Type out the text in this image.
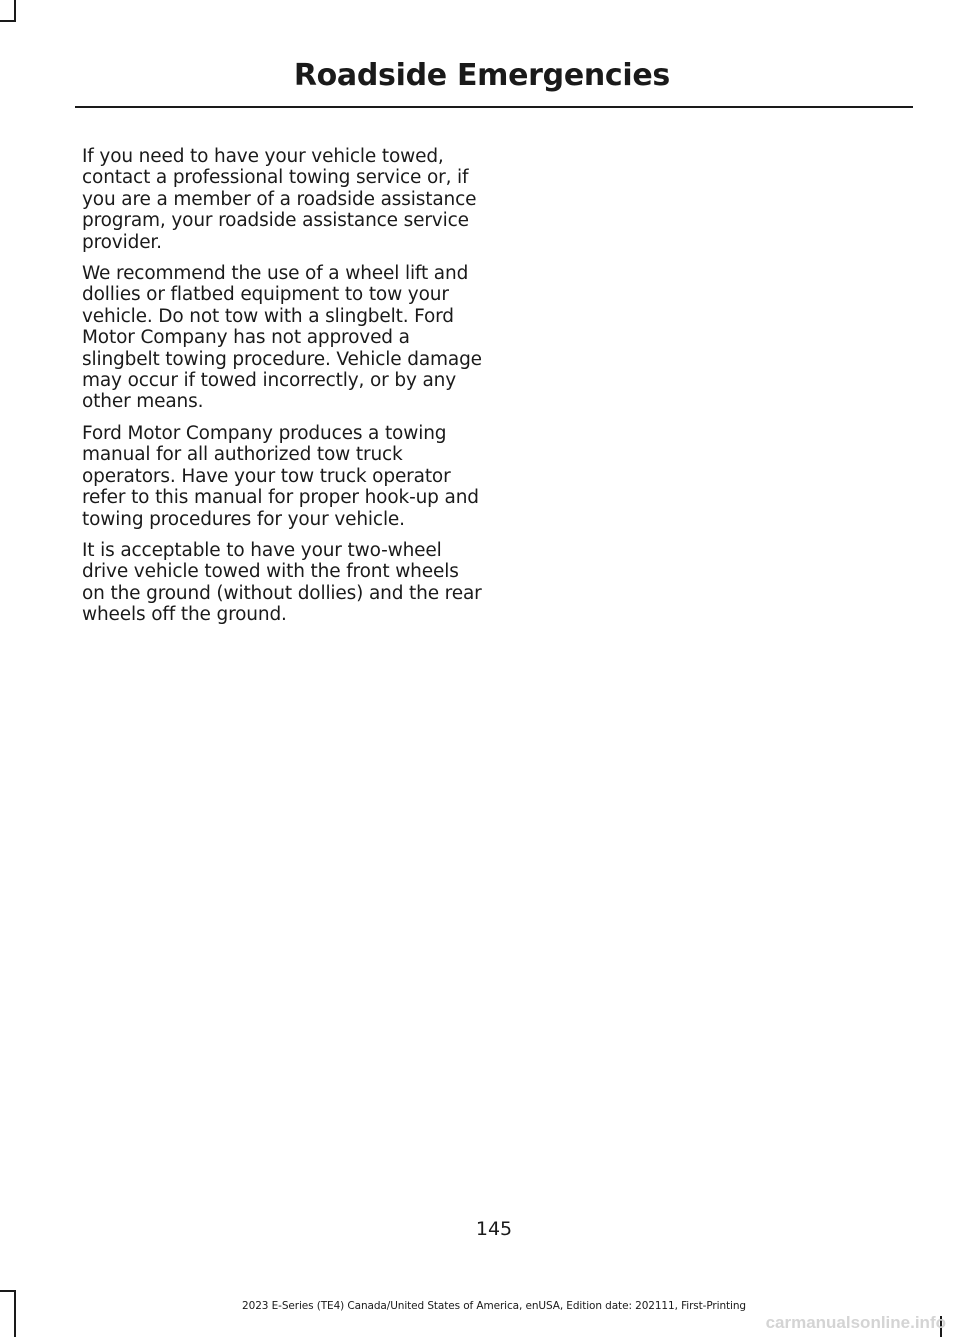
Roadside Emergencies

If you need to have your vehicle towed, contact a professional towing service or, if you are a member of a roadside assistance program, your roadside assistance service provider.

We recommend the use of a wheel lift and dollies or flatbed equipment to tow your vehicle. Do not tow with a slingbelt. Ford Motor Company has not approved a slingbelt towing procedure. Vehicle damage may occur if towed incorrectly, or by any other means.

Ford Motor Company produces a towing manual for all authorized tow truck operators. Have your tow truck operator refer to this manual for proper hook-up and towing procedures for your vehicle.

It is acceptable to have your two-wheel drive vehicle towed with the front wheels on the ground (without dollies) and the rear wheels off the ground.

145
2023 E-Series (TE4) Canada/United States of America, enUSA, Edition date: 202111, First-Printing
carmanualsonline.info
